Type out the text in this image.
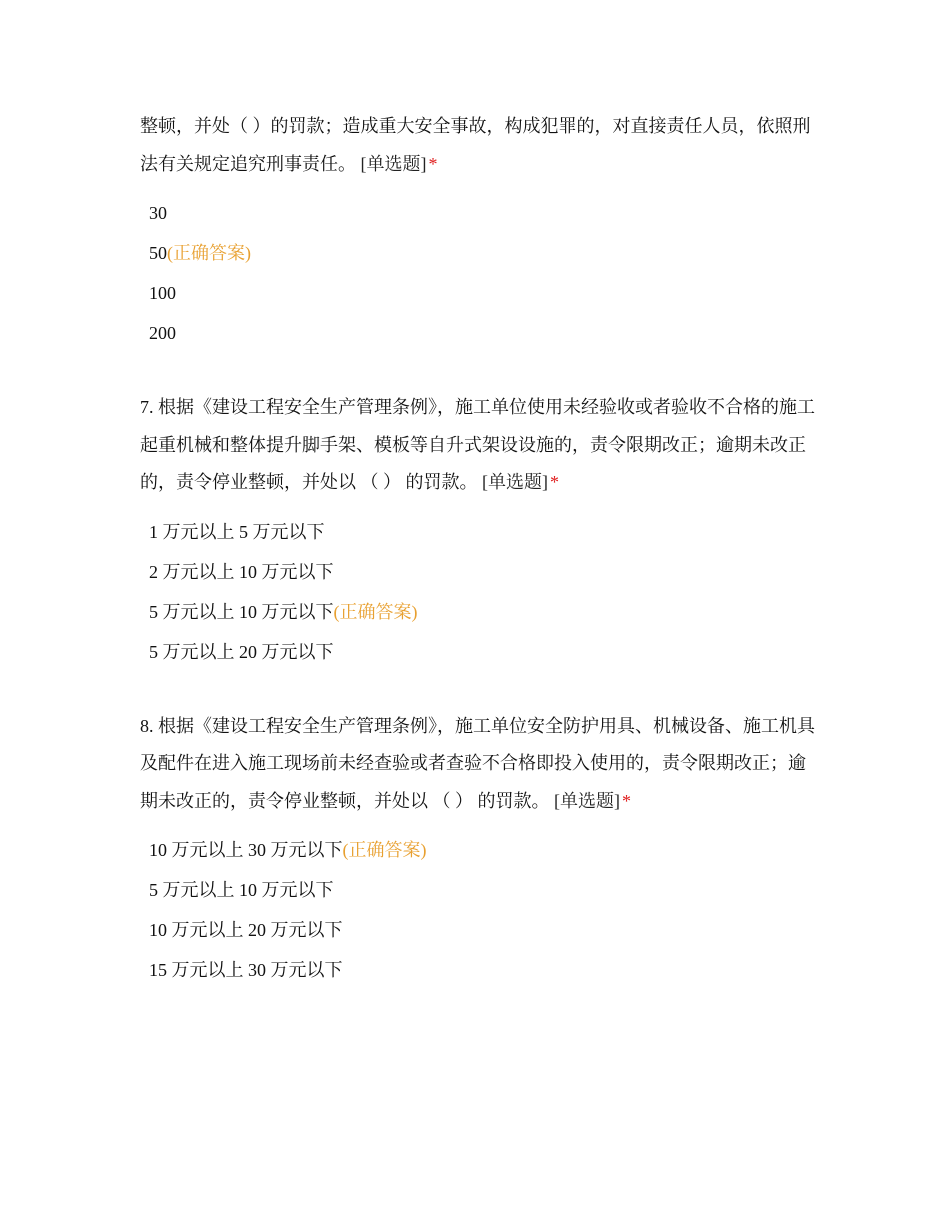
整顿，并处（ ）的罚款；造成重大安全事故，构成犯罪的，对直接责任人员，依照刑法有关规定追究刑事责任。 [单选题] *

30
50(正确答案)
100
200

7. 根据《建设工程安全生产管理条例》，施工单位使用未经验收或者验收不合格的施工起重机械和整体提升脚手架、模板等自升式架设设施的，责令限期改正；逾期未改正的，责令停业整顿，并处以 （ ） 的罚款。 [单选题] *

1 万元以上 5 万元以下
2 万元以上 10 万元以下
5 万元以上 10 万元以下(正确答案)
5 万元以上 20 万元以下

8. 根据《建设工程安全生产管理条例》，施工单位安全防护用具、机械设备、施工机具及配件在进入施工现场前未经查验或者查验不合格即投入使用的，责令限期改正；逾期未改正的，责令停业整顿，并处以 （ ） 的罚款。 [单选题] *

10 万元以上 30 万元以下(正确答案)
5 万元以上 10 万元以下
10 万元以上 20 万元以下
15 万元以上 30 万元以下
